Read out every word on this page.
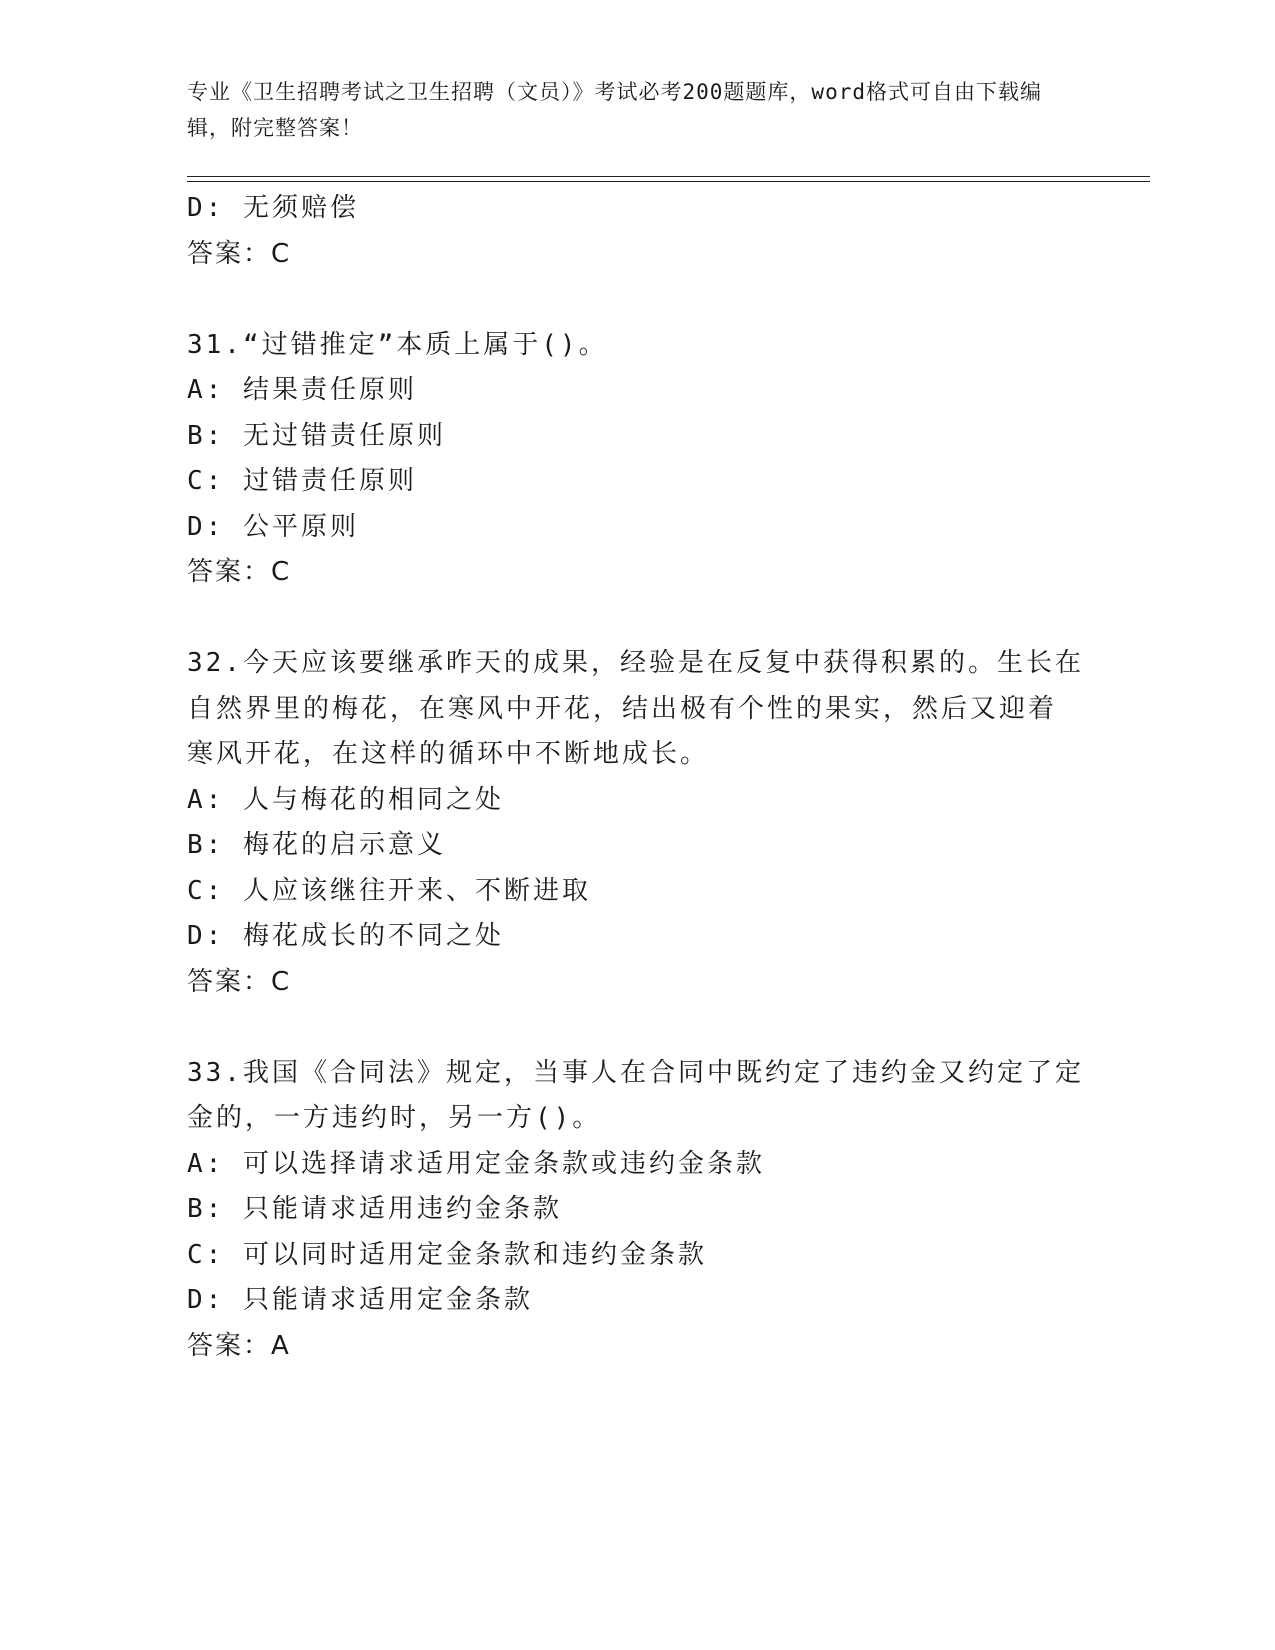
专业《卫生招聘考试之卫生招聘（文员）》考试必考200题题库，word格式可自由下载编辑，附完整答案！
D: 无须赔偿
答案：C
31.“过错推定”本质上属于()。
A: 结果责任原则
B: 无过错责任原则
C: 过错责任原则
D: 公平原则
答案：C
32.今天应该要继承昨天的成果，经验是在反复中获得积累的。生长在
自然界里的梅花，在寒风中开花，结出极有个性的果实，然后又迎着
寒风开花，在这样的循环中不断地成长。
A: 人与梅花的相同之处
B: 梅花的启示意义
C: 人应该继往开来、不断进取
D: 梅花成长的不同之处
答案：C
33.我国《合同法》规定，当事人在合同中既约定了违约金又约定了定
金的，一方违约时，另一方()。
A: 可以选择请求适用定金条款或违约金条款
B: 只能请求适用违约金条款
C: 可以同时适用定金条款和违约金条款
D: 只能请求适用定金条款
答案：A
